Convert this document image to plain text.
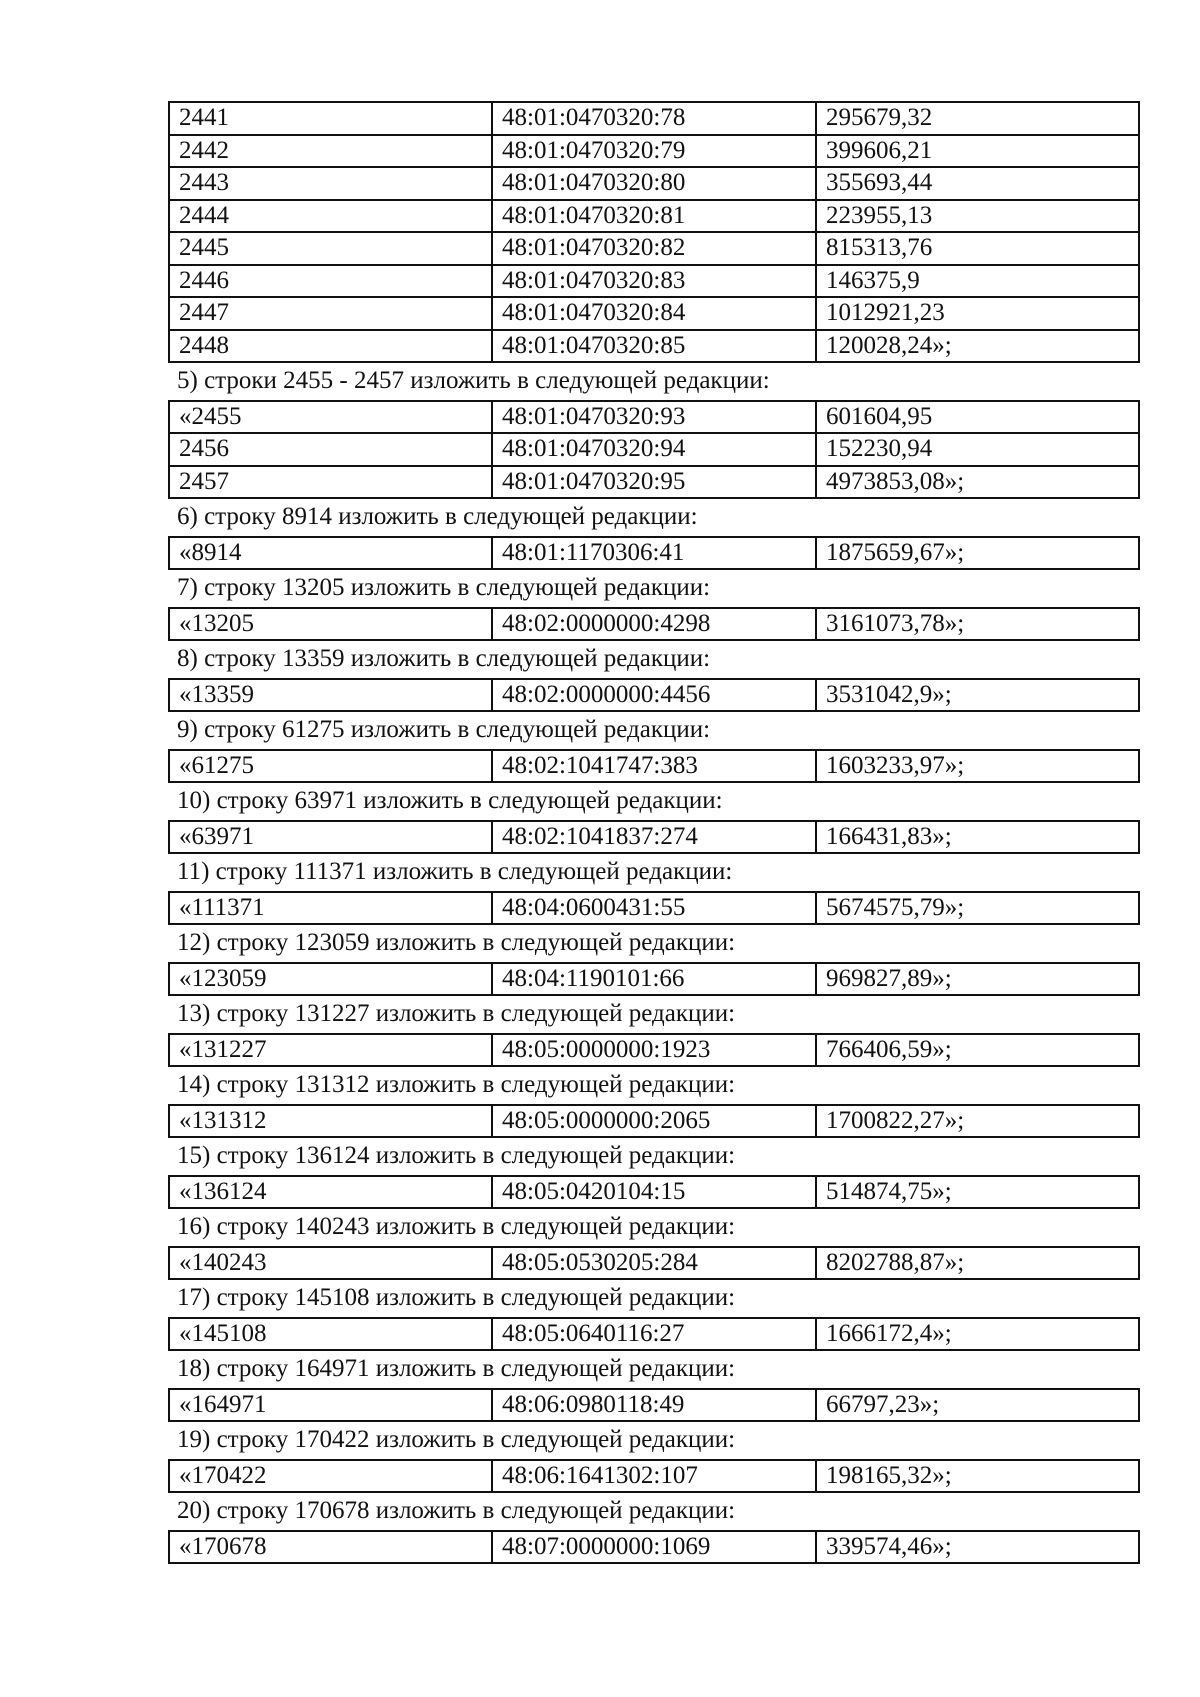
2441	48:01:0470320:78	295679,32
2442	48:01:0470320:79	399606,21
2443	48:01:0470320:80	355693,44
2444	48:01:0470320:81	223955,13
2445	48:01:0470320:82	815313,76
2446	48:01:0470320:83	146375,9
2447	48:01:0470320:84	1012921,23
2448	48:01:0470320:85	120028,24»;
5) строки 2455 - 2457 изложить в следующей редакции:
«2455	48:01:0470320:93	601604,95
2456	48:01:0470320:94	152230,94
2457	48:01:0470320:95	4973853,08»;
6) строку 8914 изложить в следующей редакции:
«8914	48:01:1170306:41	1875659,67»;
7) строку 13205 изложить в следующей редакции:
«13205	48:02:0000000:4298	3161073,78»;
8) строку 13359 изложить в следующей редакции:
«13359	48:02:0000000:4456	3531042,9»;
9) строку 61275 изложить в следующей редакции:
«61275	48:02:1041747:383	1603233,97»;
10) строку 63971 изложить в следующей редакции:
«63971	48:02:1041837:274	166431,83»;
11) строку 111371 изложить в следующей редакции:
«111371	48:04:0600431:55	5674575,79»;
12) строку 123059 изложить в следующей редакции:
«123059	48:04:1190101:66	969827,89»;
13) строку 131227 изложить в следующей редакции:
«131227	48:05:0000000:1923	766406,59»;
14) строку 131312 изложить в следующей редакции:
«131312	48:05:0000000:2065	1700822,27»;
15) строку 136124 изложить в следующей редакции:
«136124	48:05:0420104:15	514874,75»;
16) строку 140243 изложить в следующей редакции:
«140243	48:05:0530205:284	8202788,87»;
17) строку 145108 изложить в следующей редакции:
«145108	48:05:0640116:27	1666172,4»;
18) строку 164971 изложить в следующей редакции:
«164971	48:06:0980118:49	66797,23»;
19) строку 170422 изложить в следующей редакции:
«170422	48:06:1641302:107	198165,32»;
20) строку 170678 изложить в следующей редакции:
«170678	48:07:0000000:1069	339574,46»;
